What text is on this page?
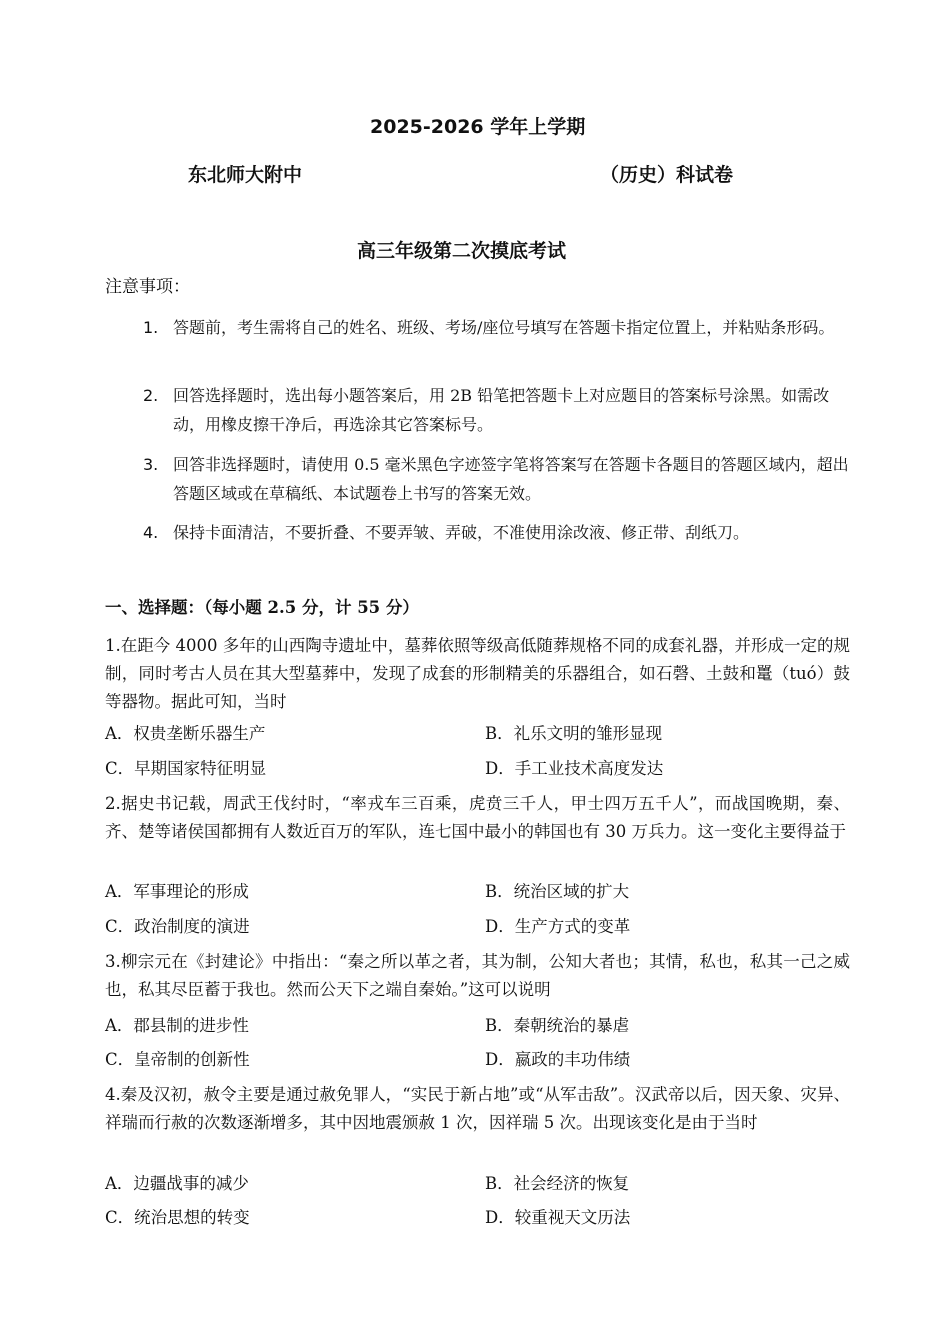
2025-2026 学年上学期
东北师大附中	（历史）科试卷
高三年级第二次摸底考试
注意事项：
1. 答题前，考生需将自己的姓名、班级、考场/座位号填写在答题卡指定位置上，并粘贴条形码。
2. 回答选择题时，选出每小题答案后，用 2B 铅笔把答题卡上对应题目的答案标号涂黑。如需改动，用橡皮擦干净后，再选涂其它答案标号。
3. 回答非选择题时，请使用 0.5 毫米黑色字迹签字笔将答案写在答题卡各题目的答题区域内，超出答题区域或在草稿纸、本试题卷上书写的答案无效。
4. 保持卡面清洁，不要折叠、不要弄皱、弄破，不准使用涂改液、修正带、刮纸刀。
一、选择题：（每小题 2.5 分，计 55 分）
1.在距今 4000 多年的山西陶寺遗址中，墓葬依照等级高低随葬规格不同的成套礼器，并形成一定的规制，同时考古人员在其大型墓葬中，发现了成套的形制精美的乐器组合，如石磬、土鼓和鼍（tuó）鼓等器物。据此可知，当时
A．权贵垄断乐器生产	B．礼乐文明的雏形显现
C．早期国家特征明显	D．手工业技术高度发达
2.据史书记载，周武王伐纣时，“率戎车三百乘，虎贲三千人，甲士四万五千人”，而战国晚期，秦、齐、楚等诸侯国都拥有人数近百万的军队，连七国中最小的韩国也有 30 万兵力。这一变化主要得益于
A．军事理论的形成	B．统治区域的扩大
C．政治制度的演进	D．生产方式的变革
3.柳宗元在《封建论》中指出：“秦之所以革之者，其为制，公知大者也；其情，私也，私其一己之威也，私其尽臣蓄于我也。然而公天下之端自秦始。”这可以说明
A．郡县制的进步性	B．秦朝统治的暴虐
C．皇帝制的创新性	D．嬴政的丰功伟绩
4.秦及汉初，赦令主要是通过赦免罪人，“实民于新占地”或“从军击敌”。汉武帝以后，因天象、灾异、祥瑞而行赦的次数逐渐增多，其中因地震颁赦 1 次，因祥瑞 5 次。出现该变化是由于当时
A．边疆战事的减少	B．社会经济的恢复
C．统治思想的转变	D．较重视天文历法
